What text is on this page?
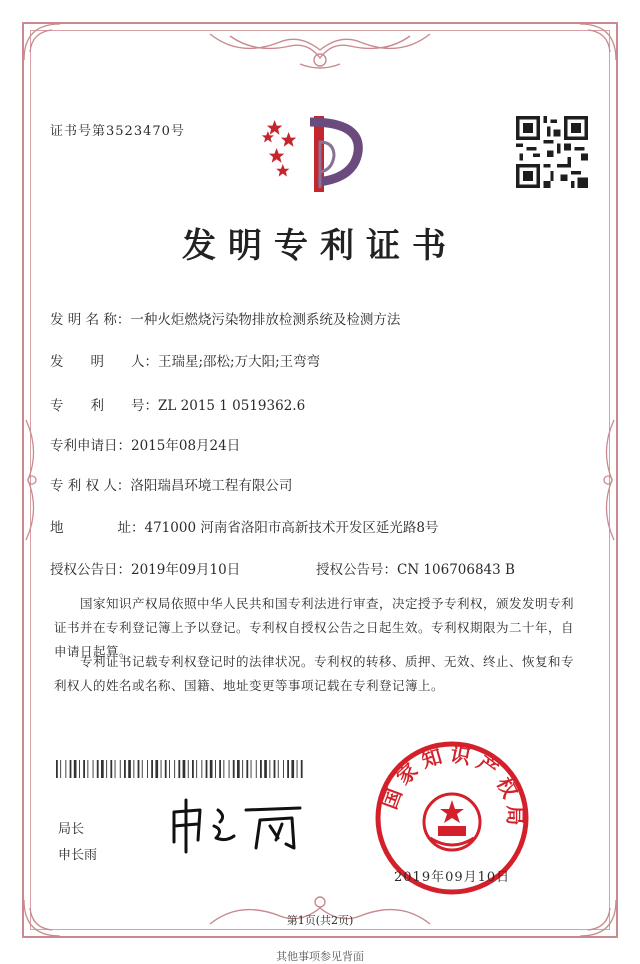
证书号第3523470号
发明专利证书
发 明 名 称：一种火炬燃烧污染物排放检测系统及检测方法
发　　明　　人：王瑞星;邵松;万大阳;王弯弯
专　　利　　号：ZL 2015 1 0519362.6
专利申请日：2015年08月24日
专 利 权 人：洛阳瑞昌环境工程有限公司
地　　　　址：471000 河南省洛阳市高新技术开发区延光路8号
授权公告日：2019年09月10日	授权公告号：CN 106706843 B
国家知识产权局依照中华人民共和国专利法进行审查，决定授予专利权，颁发发明专利证书并在专利登记簿上予以登记。专利权自授权公告之日起生效。专利权期限为二十年，自申请日起算。
专利证书记载专利权登记时的法律状况。专利权的转移、质押、无效、终止、恢复和专利权人的姓名或名称、国籍、地址变更等事项记载在专利登记簿上。
局长
申长雨
国家知识产权局
2019年09月10日
第1页(共2页)
其他事项参见背面
